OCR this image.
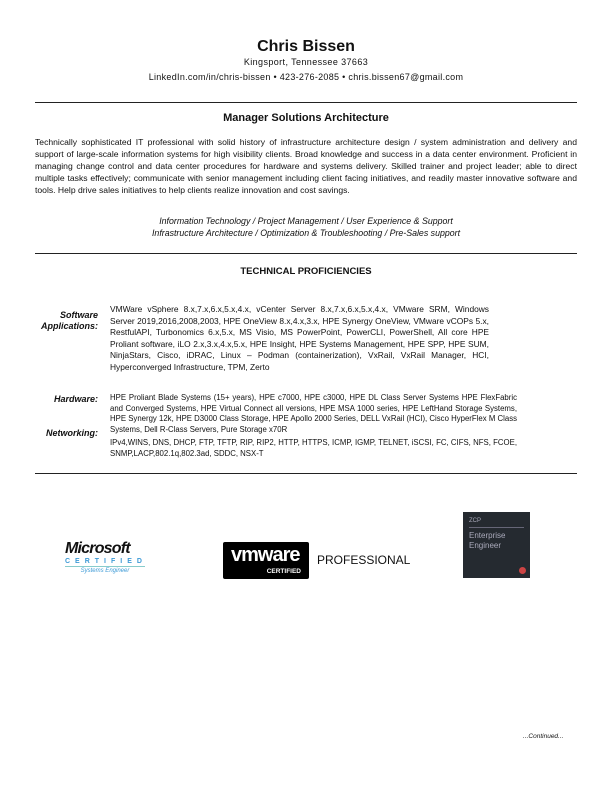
Chris Bissen
Kingsport, Tennessee 37663
LinkedIn.com/in/chris-bissen • 423-276-2085 • chris.bissen67@gmail.com
Manager Solutions Architecture
Technically sophisticated IT professional with solid history of infrastructure architecture design / system administration and delivery and support of large-scale information systems for high visibility clients. Broad knowledge and success in a data center environment. Proficient in managing change control and data center procedures for hardware and systems delivery. Skilled trainer and project leader; able to direct multiple tasks effectively; communicate with senior management including client facing initiatives, and readily master innovative software and tools. Help drive sales initiatives to help clients realize innovation and cost savings.
Information Technology / Project Management / User Experience & Support
Infrastructure Architecture / Optimization & Troubleshooting / Pre-Sales support
TECHNICAL PROFICIENCIES
Software Applications:
VMWare vSphere 8.x,7.x,6.x,5.x,4.x, vCenter Server 8.x,7.x,6.x,5.x,4.x, VMware SRM, Windows Server 2019,2016,2008,2003, HPE OneView 8.x,4.x,3.x, HPE Synergy OneView, VMware vCOPs 5.x, RestfulAPI, Turbonomics 6.x,5.x, MS Visio, MS PowerPoint, PowerCLI, PowerShell, All core HPE Proliant software, iLO 2.x,3.x,4.x,5.x, HPE Insight, HPE Systems Management, HPE SPP, HPE SUM, NinjaStars, Cisco, iDRAC, Linux – Podman (containerization), VxRail, VxRail Manager, HCI, Hyperconverged Infrastructure, TPM, Zerto
Hardware: HPE Proliant Blade Systems (15+ years), HPE c7000, HPE c3000, HPE DL Class Server Systems HPE FlexFabric and Converged Systems, HPE Virtual Connect all versions, HPE MSA 1000 series, HPE LeftHand Storage Systems, HPE Synergy 12k, HPE D3000 Class Storage, HPE Apollo 2000 Series, DELL VxRail (HCI), Cisco HyperFlex M Class Systems, Dell R-Class Servers, Pure Storage x70R
Networking:
IPv4,WINS, DNS, DHCP, FTP, TFTP, RIP, RIP2, HTTP, HTTPS, ICMP, IGMP, TELNET, iSCSI, FC, CIFS, NFS, FCOE, SNMP,LACP,802.1q,802.3ad, SDDC, NSX-T
Microsoft
CERTIFIED
Systems Engineer
vmware
CERTIFIED
PROFESSIONAL
ZCP
Enterprise Engineer
...Continued...
